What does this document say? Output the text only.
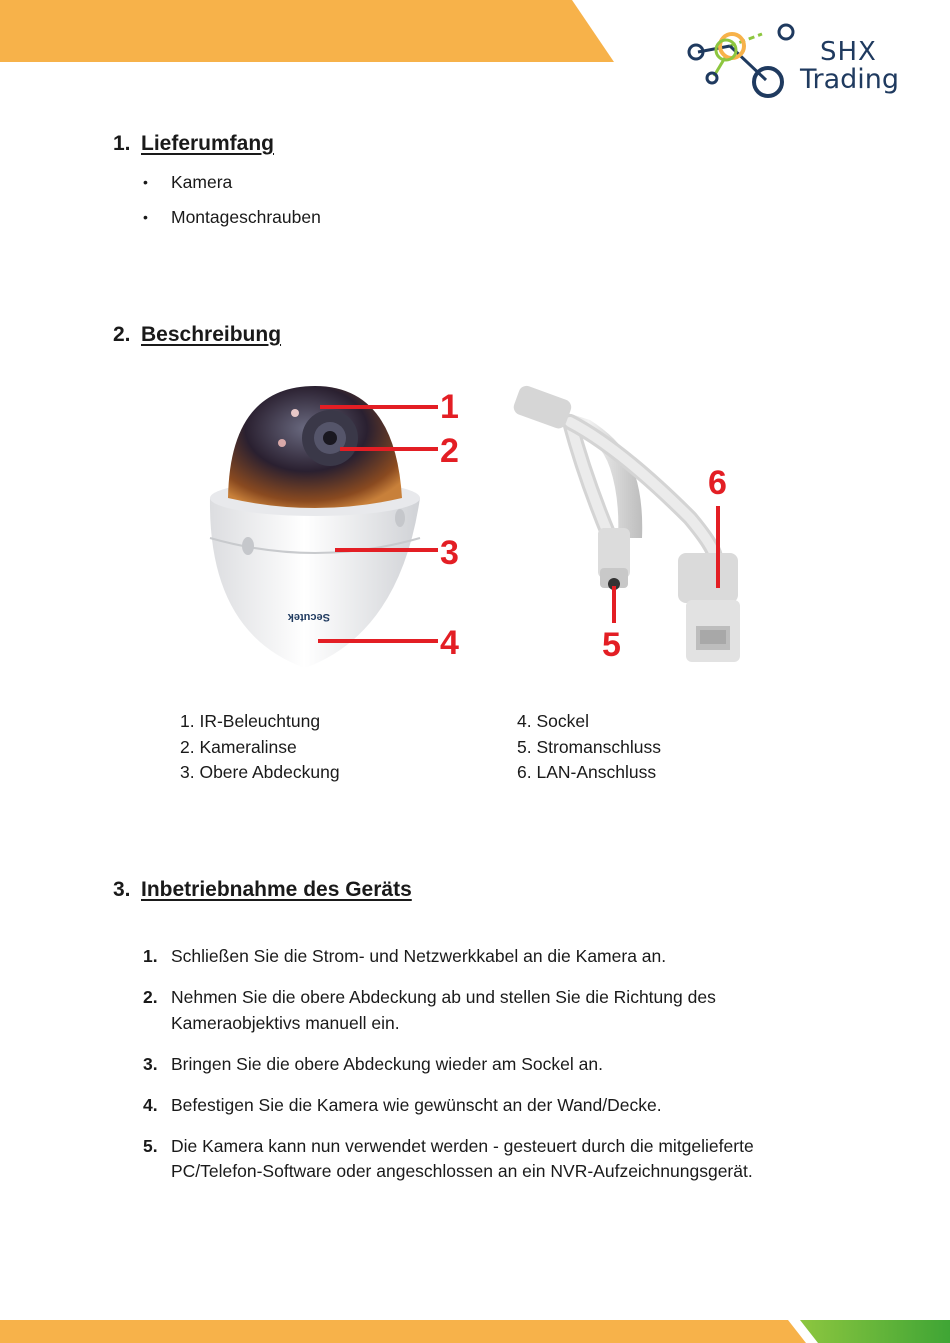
SHX
Trading
1. Lieferumfang
• Kamera
• Montageschrauben
2. Beschreibung
Secutek
1
2
3
4	5
6
1. IR-Beleuchtung
2. Kameralinse
3. Obere Abdeckung
4. Sockel
5. Stromanschluss
6. LAN-Anschluss
3. Inbetriebnahme des Geräts
1. Schließen Sie die Strom- und Netzwerkkabel an die Kamera an.
2. Nehmen Sie die obere Abdeckung ab und stellen Sie die Richtung des Kameraobjektivs manuell ein.
3. Bringen Sie die obere Abdeckung wieder am Sockel an.
4. Befestigen Sie die Kamera wie gewünscht an der Wand/Decke.
5. Die Kamera kann nun verwendet werden - gesteuert durch die mitgelieferte PC/Telefon-Software oder angeschlossen an ein NVR-Aufzeichnungsgerät.
